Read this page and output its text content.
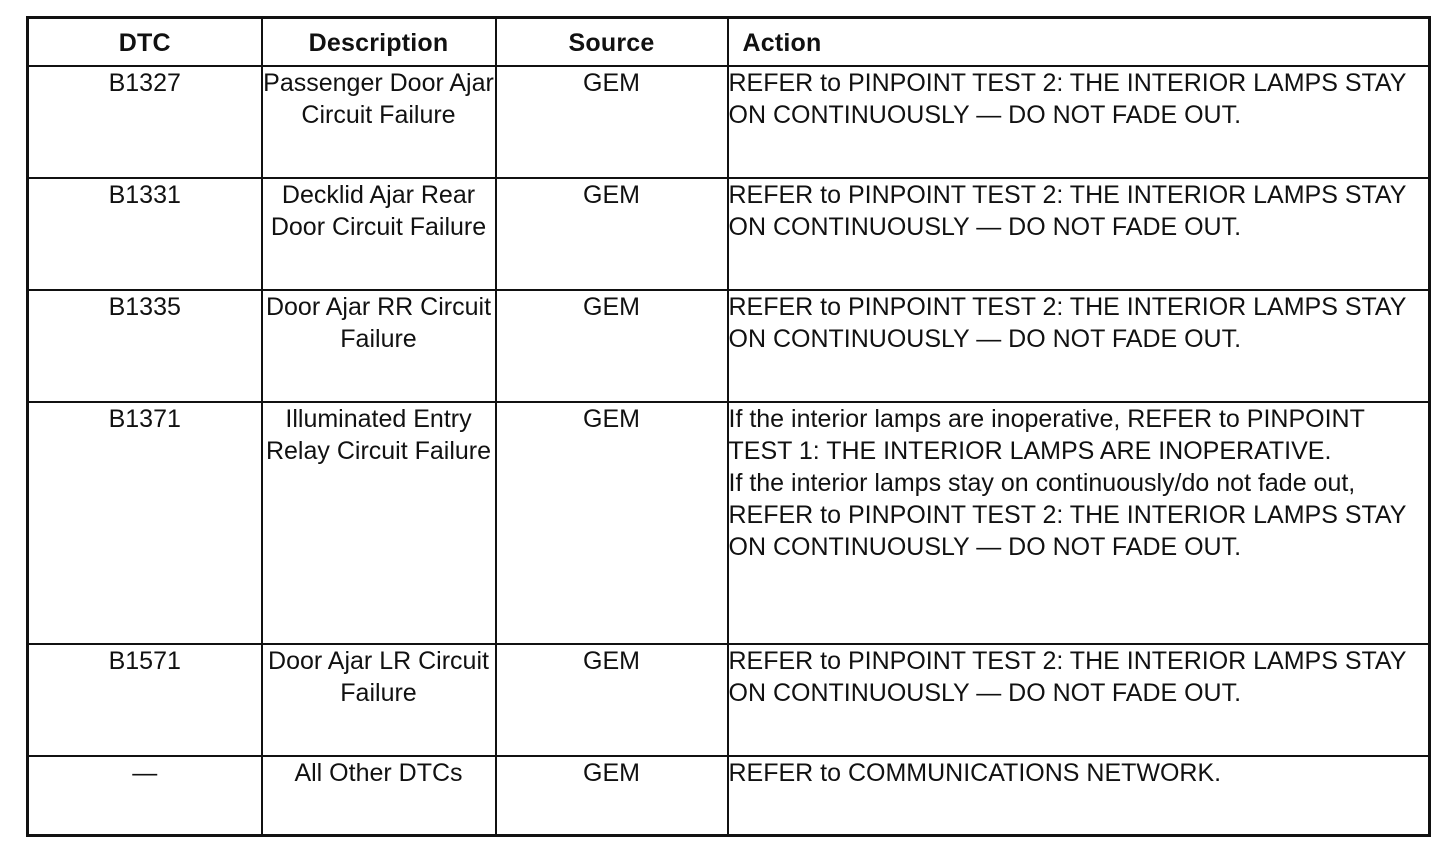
DTC	Description	Source	Action
B1327	Passenger Door Ajar Circuit Failure	GEM	REFER to PINPOINT TEST 2: THE INTERIOR LAMPS STAY ON CONTINUOUSLY — DO NOT FADE OUT.

B1331	Decklid Ajar Rear Door Circuit Failure	GEM	REFER to PINPOINT TEST 2: THE INTERIOR LAMPS STAY ON CONTINUOUSLY — DO NOT FADE OUT.

B1335	Door Ajar RR Circuit Failure	GEM	REFER to PINPOINT TEST 2: THE INTERIOR LAMPS STAY ON CONTINUOUSLY — DO NOT FADE OUT.

B1371	Illuminated Entry Relay Circuit Failure	GEM	If the interior lamps are inoperative, REFER to PINPOINT TEST 1: THE INTERIOR LAMPS ARE INOPERATIVE.
If the interior lamps stay on continuously/do not fade out, REFER to PINPOINT TEST 2: THE INTERIOR LAMPS STAY ON CONTINUOUSLY — DO NOT FADE OUT.

B1571	Door Ajar LR Circuit Failure	GEM	REFER to PINPOINT TEST 2: THE INTERIOR LAMPS STAY ON CONTINUOUSLY — DO NOT FADE OUT.

—	All Other DTCs	GEM	REFER to COMMUNICATIONS NETWORK.
